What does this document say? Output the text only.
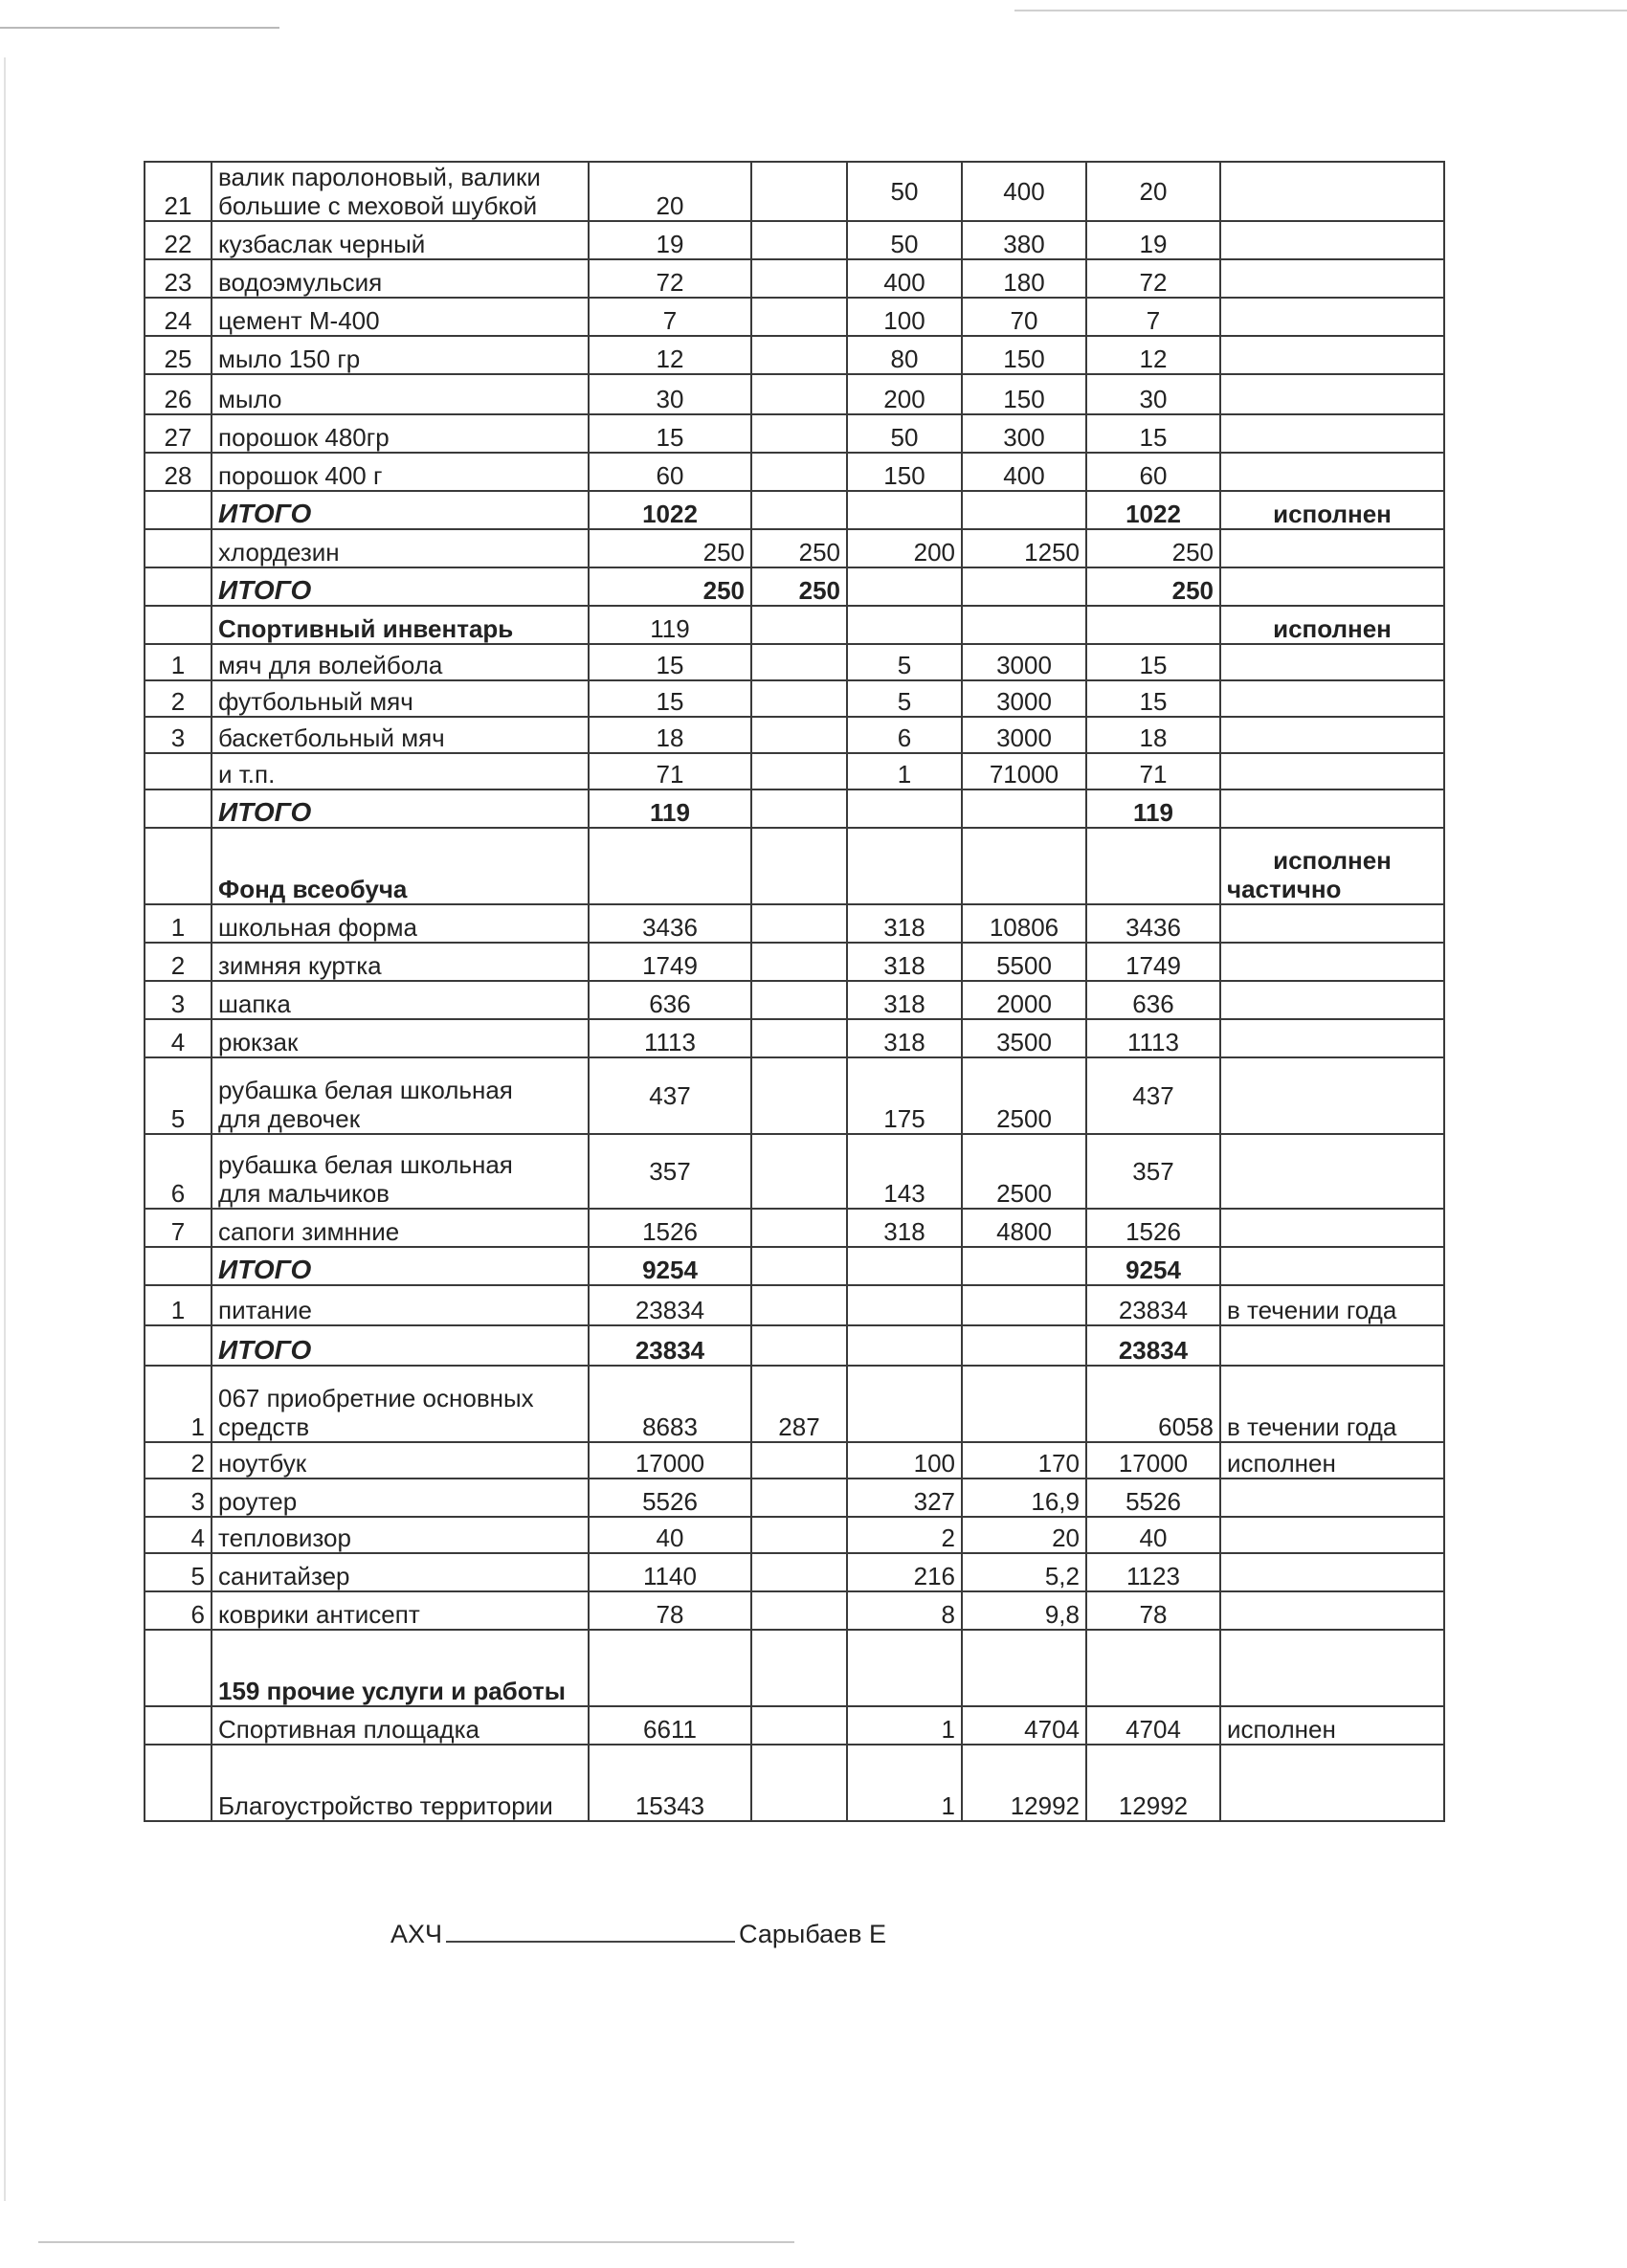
21	валик паролоновый, валики
большие с меховой шубкой	20		50	400	20	
22	кузбаслак черный	19		50	380	19	
23	водоэмульсия	72		400	180	72	
24	цемент М-400	7		100	70	7	
25	мыло 150 гр	12		80	150	12	
26	мыло	30		200	150	30	
27	порошок 480гр	15		50	300	15	
28	порошок 400 г	60		150	400	60	

	ИТОГО	1022				1022	исполнен

	хлордезин	250	250	200	1250	250	

	ИТОГО	250	250			250	

	Спортивный инвентарь	119					исполнен

1	мяч для волейбола	15		5	3000	15	
2	футбольный мяч	15		5	3000	15	
3	баскетбольный мяч	18		6	3000	18	

	и т.п.	71		1	71000	71	

	ИТОГО	119				119	

	Фонд всеобуча						исполнен
частично

1	школьная форма	3436		318	10806	3436	
2	зимняя куртка	1749		318	5500	1749	
3	шапка	636		318	2000	636	
4	рюкзак	1113		318	3500	1113	
5	рубашка белая школьная
для девочек	437		175	2500	437	
6	рубашка белая школьная
для мальчиков	357		143	2500	357	
7	сапоги зимнние	1526		318	4800	1526	

	ИТОГО	9254				9254	
1	питание	23834				23834	в течении года

	ИТОГО	23834				23834	
1	067 приобретние основных
средств	8683	287			6058	в течении года

2	ноутбук	17000		100	170	17000	исполнен

3	роутер	5526		327	16,9	5526	
4	тепловизор	40		2	20	40	
5	санитайзер	1140		216	5,2	1123	
6	коврики антисепт	78		8	9,8	78	

	159 прочие услуги и работы						

	Спортивная площадка	6611		1	4704	4704	исполнен

	Благоустройство территории	15343		1	12992	12992	
АХЧ	Сарыбаев Е
